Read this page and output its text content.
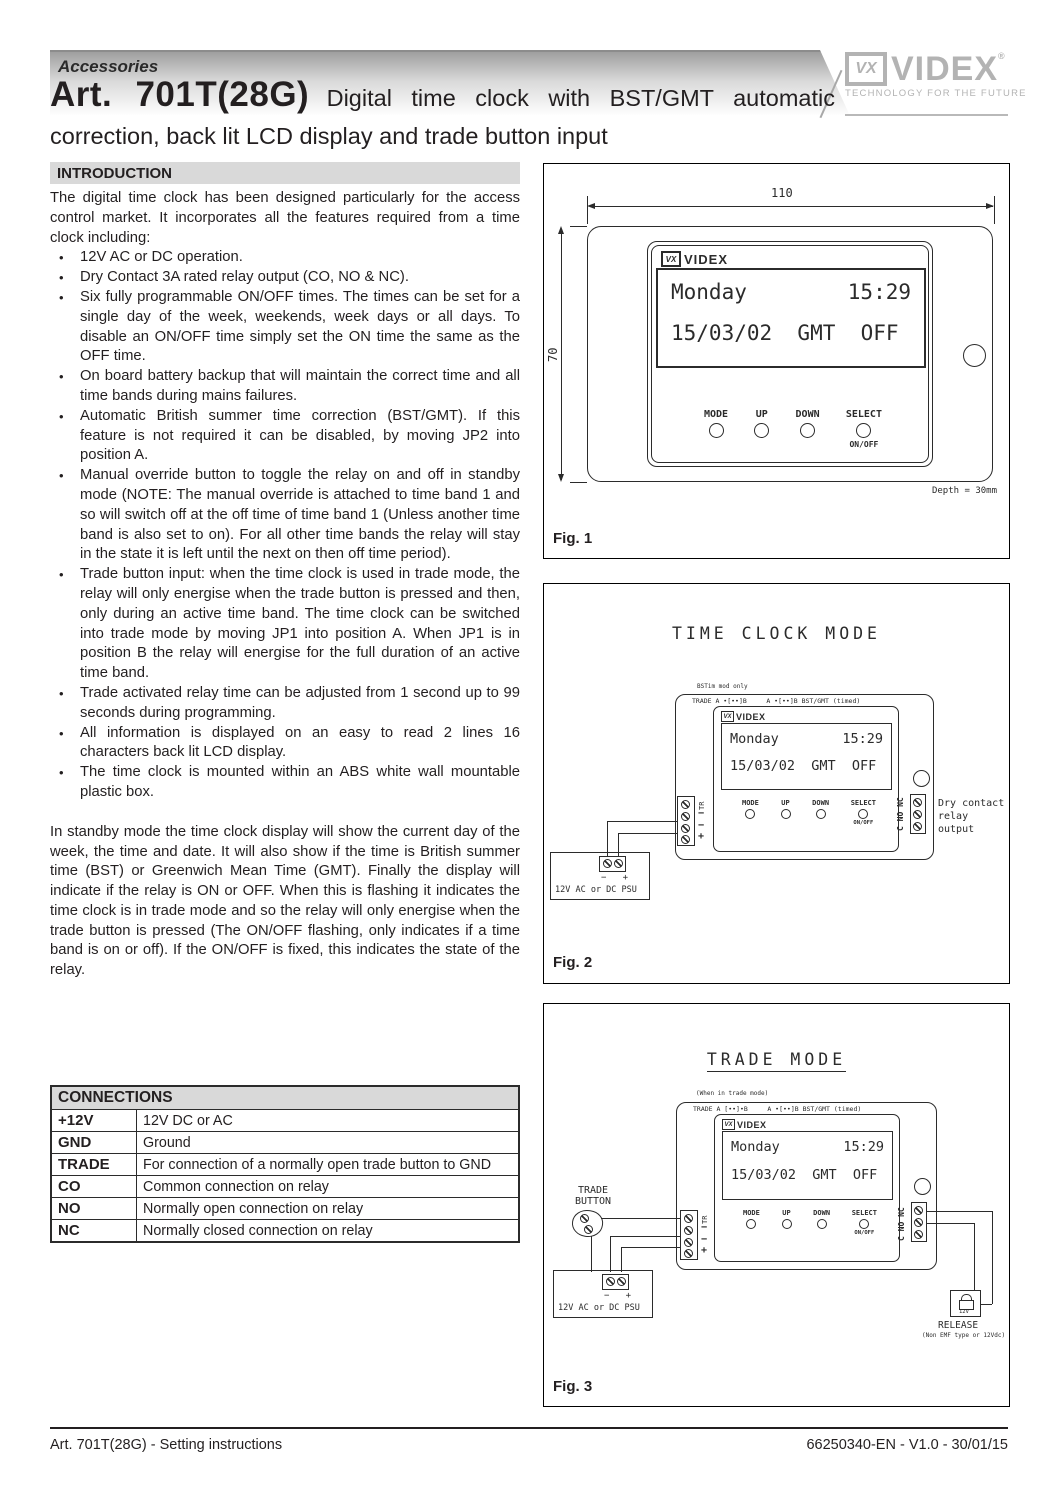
Accessories	VX VIDEX®
TECHNOLOGY FOR THE FUTURE
Art. 701T(28G) Digital time clock with BST/GMT automatic correction, back lit LCD display and trade button input
INTRODUCTION

The digital time clock has been designed particularly for the access control market. It incorporates all the features required from a time clock including:

• 12V AC or DC operation.
• Dry Contact 3A rated relay output (CO, NO & NC).
• Six fully programmable ON/OFF times. The times can be set for a single day of the week, weekends, week days or all days. To disable an ON/OFF time simply set the ON time the same as the OFF time.
• On board battery backup that will maintain the correct time and all time bands during mains failures.
• Automatic British summer time correction (BST/GMT). If this feature is not required it can be disabled, by moving JP2 into position A.
• Manual override button to toggle the relay on and off in standby mode (NOTE: The manual override is attached to time band 1 and so will switch off at the off time of time band 1 (Unless another time band is also set to on). For all other time bands the relay will stay in the state it is left until the next on then off time period).
• Trade button input: when the time clock is used in trade mode, the relay will only energise when the trade button is pressed and then, only during an active time band. The time clock can be switched into trade mode by moving JP1 into position A. When JP1 is in position B the relay will energise for the full duration of an active time band.
• Trade activated relay time can be adjusted from 1 second up to 99 seconds during programming.
• All information is displayed on an easy to read 2 lines 16 characters back lit LCD display.
• The time clock is mounted within an ABS white wall mountable plastic box.

In standby mode the time clock display will show the current day of the week, the time and date. It will also show if the time is British summer time (BST) or Greenwich Mean Time (GMT). Finally the display will indicate if the relay is ON or OFF. When this is flashing it indicates the time clock is in trade mode and so the relay will only energise when the trade button is pressed (The ON/OFF flashing, only indicates if a time band is on or off). If the ON/OFF is fixed, this indicates the state of the relay.

CONNECTIONS	
+12V	12V DC or AC
GND	Ground
TRADE	For connection of a normally open trade button to GND
CO	Common connection on relay
NO	Normally open connection on relay
NC	Normally closed connection on relay
110
70
VX VIDEX
Monday	15:29
15/03/02  GMT  OFF
MODE	UP	DOWN	SELECT
ON/OFF
Depth = 30mm
Fig. 1
TIME CLOCK MODE
BSTim mod only
TRADE A •[••]B     A •[••]B BST/GMT (timed)
VX VIDEX
Monday	15:29
15/03/02  GMT  OFF
MODE	UP	DOWN	SELECT
ON/OFF
TR
−
−
+
−   +
12V AC or DC PSU
C NO NC	Dry contact
relay output
Fig. 2
TRADE MODE
(When in trade mode)
TRADE A [••]•B     A •[••]B BST/GMT (timed)
VX VIDEX
Monday	15:29
15/03/02  GMT  OFF
MODE	UP	DOWN	SELECT
ON/OFF
TRADE
BUTTON
TR
−
−
+
−   +
12V AC or DC PSU
C NO NC
12V
RELEASE
(Non EMF type or 12Vdc)
Fig. 3
Art. 701T(28G) - Setting instructions	66250340-EN - V1.0 - 30/01/15
